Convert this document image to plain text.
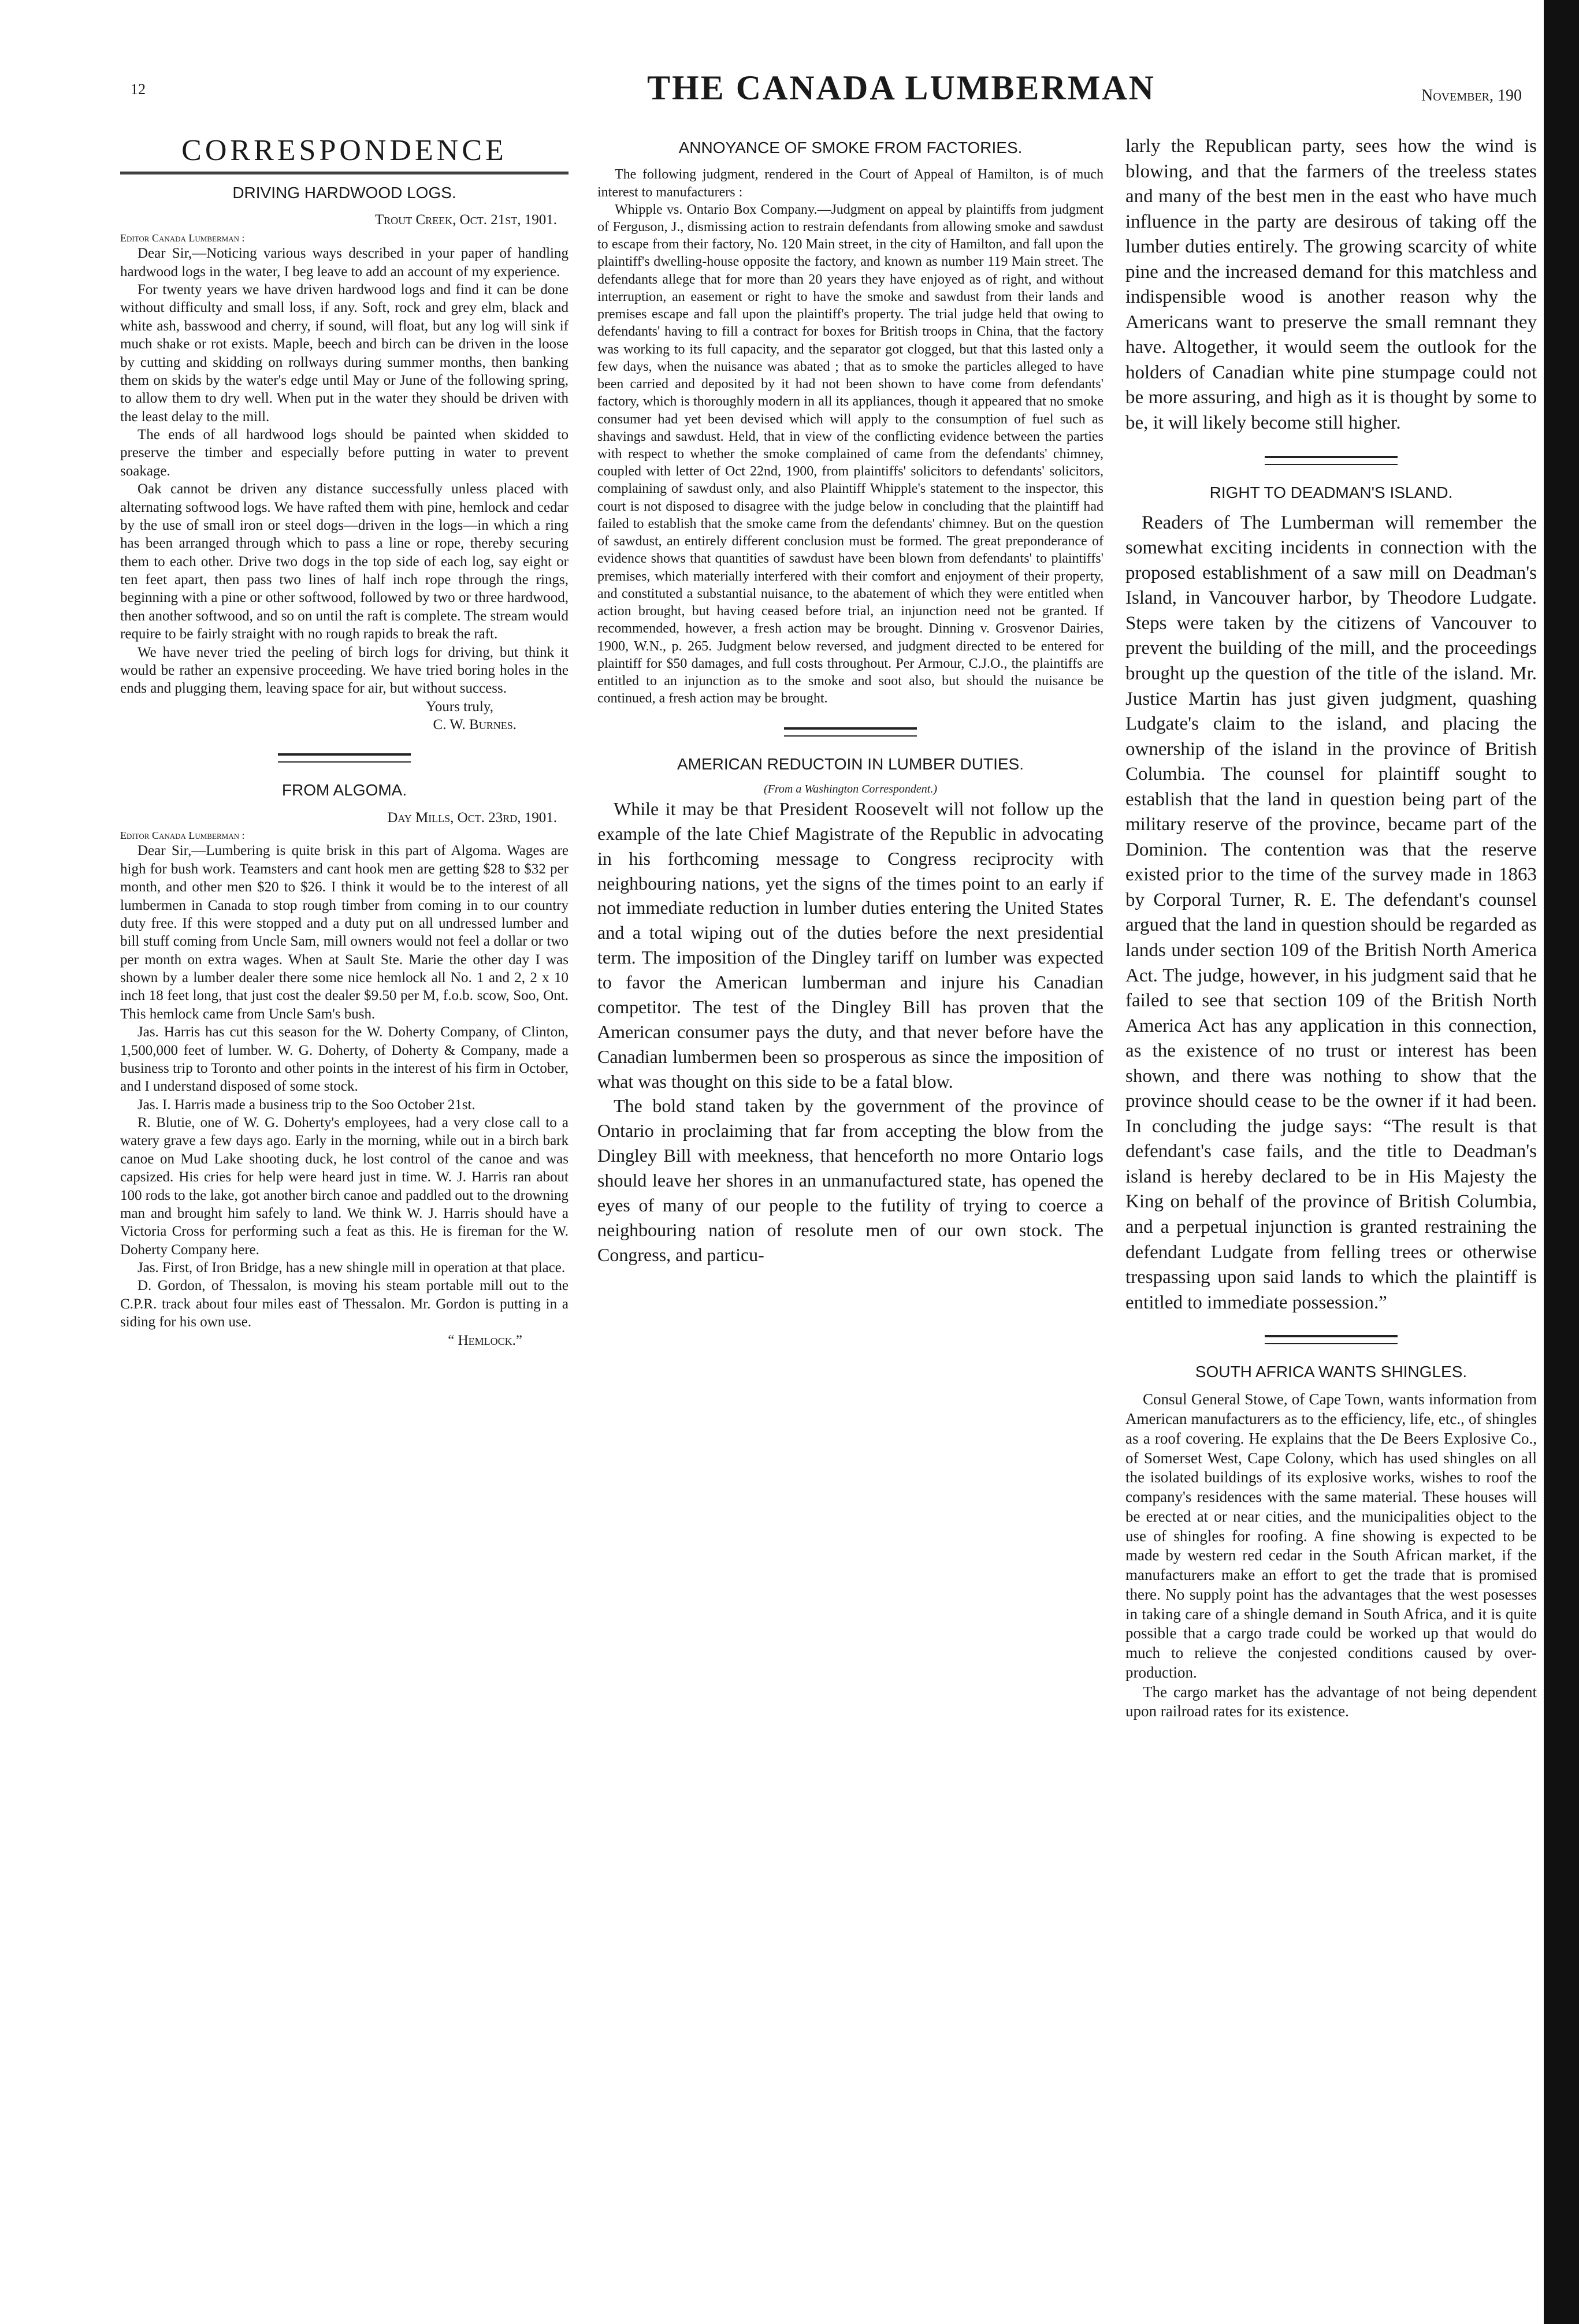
12	THE CANADA LUMBERMAN	November, 190
CORRESPONDENCE
DRIVING HARDWOOD LOGS.
Trout Creek, Oct. 21st, 1901.

Editor Canada Lumberman :

Dear Sir,—Noticing various ways described in your paper of handling hardwood logs in the water, I beg leave to add an account of my experience.

For twenty years we have driven hardwood logs and find it can be done without difficulty and small loss, if any. Soft, rock and grey elm, black and white ash, basswood and cherry, if sound, will float, but any log will sink if much shake or rot exists. Maple, beech and birch can be driven in the loose by cutting and skidding on rollways during summer months, then banking them on skids by the water's edge until May or June of the following spring, to allow them to dry well. When put in the water they should be driven with the least delay to the mill.

The ends of all hardwood logs should be painted when skidded to preserve the timber and especially before putting in water to prevent soakage.

Oak cannot be driven any distance successfully unless placed with alternating softwood logs. We have rafted them with pine, hemlock and cedar by the use of small iron or steel dogs—driven in the logs—in which a ring has been arranged through which to pass a line or rope, thereby securing them to each other. Drive two dogs in the top side of each log, say eight or ten feet apart, then pass two lines of half inch rope through the rings, beginning with a pine or other softwood, followed by two or three hardwood, then another softwood, and so on until the raft is complete. The stream would require to be fairly straight with no rough rapids to break the raft.

We have never tried the peeling of birch logs for driving, but think it would be rather an expensive proceeding. We have tried boring holes in the ends and plugging them, leaving space for air, but without success.

Yours truly,
C. W. Burnes.

FROM ALGOMA.
Day Mills, Oct. 23rd, 1901.

Editor Canada Lumberman :

Dear Sir,—Lumbering is quite brisk in this part of Algoma. Wages are high for bush work. Teamsters and cant hook men are getting $28 to $32 per month, and other men $20 to $26. I think it would be to the interest of all lumbermen in Canada to stop rough timber from coming in to our country duty free. If this were stopped and a duty put on all undressed lumber and bill stuff coming from Uncle Sam, mill owners would not feel a dollar or two per month on extra wages. When at Sault Ste. Marie the other day I was shown by a lumber dealer there some nice hemlock all No. 1 and 2, 2 x 10 inch 18 feet long, that just cost the dealer $9.50 per M, f.o.b. scow, Soo, Ont. This hemlock came from Uncle Sam's bush.

Jas. Harris has cut this season for the W. Doherty Company, of Clinton, 1,500,000 feet of lumber. W. G. Doherty, of Doherty & Company, made a business trip to Toronto and other points in the interest of his firm in October, and I understand disposed of some stock.

Jas. I. Harris made a business trip to the Soo October 21st.

R. Blutie, one of W. G. Doherty's employees, had a very close call to a watery grave a few days ago. Early in the morning, while out in a birch bark canoe on Mud Lake shooting duck, he lost control of the canoe and was capsized. His cries for help were heard just in time. W. J. Harris ran about 100 rods to the lake, got another birch canoe and paddled out to the drowning man and brought him safely to land. We think W. J. Harris should have a Victoria Cross for performing such a feat as this. He is fireman for the W. Doherty Company here.

Jas. First, of Iron Bridge, has a new shingle mill in operation at that place.

D. Gordon, of Thessalon, is moving his steam portable mill out to the C.P.R. track about four miles east of Thessalon. Mr. Gordon is putting in a siding for his own use.

“ Hemlock.”

ANNOYANCE OF SMOKE FROM FACTORIES.

The following judgment, rendered in the Court of Appeal of Hamilton, is of much interest to manufacturers :

Whipple vs. Ontario Box Company.—Judgment on appeal by plaintiffs from judgment of Ferguson, J., dismissing action to restrain defendants from allowing smoke and sawdust to escape from their factory, No. 120 Main street, in the city of Hamilton, and fall upon the plaintiff's dwelling-house opposite the factory, and known as number 119 Main street. The defendants allege that for more than 20 years they have enjoyed as of right, and without interruption, an easement or right to have the smoke and sawdust from their lands and premises escape and fall upon the plaintiff's property. The trial judge held that owing to defendants' having to fill a contract for boxes for British troops in China, that the factory was working to its full capacity, and the separator got clogged, but that this lasted only a few days, when the nuisance was abated ; that as to smoke the particles alleged to have been carried and deposited by it had not been shown to have come from defendants' factory, which is thoroughly modern in all its appliances, though it appeared that no smoke consumer had yet been devised which will apply to the consumption of fuel such as shavings and sawdust. Held, that in view of the conflicting evidence between the parties with respect to whether the smoke complained of came from the defendants' chimney, coupled with letter of Oct 22nd, 1900, from plaintiffs' solicitors to defendants' solicitors, complaining of sawdust only, and also Plaintiff Whipple's statement to the inspector, this court is not disposed to disagree with the judge below in concluding that the plaintiff had failed to establish that the smoke came from the defendants' chimney. But on the question of sawdust, an entirely different conclusion must be formed. The great preponderance of evidence shows that quantities of sawdust have been blown from defendants' to plaintiffs' premises, which materially interfered with their comfort and enjoyment of their property, and constituted a substantial nuisance, to the abatement of which they were entitled when action brought, but having ceased before trial, an injunction need not be granted. If recommended, however, a fresh action may be brought. Dinning v. Grosvenor Dairies, 1900, W.N., p. 265. Judgment below reversed, and judgment directed to be entered for plaintiff for $50 damages, and full costs throughout. Per Armour, C.J.O., the plaintiffs are entitled to an injunction as to the smoke and soot also, but should the nuisance be continued, a fresh action may be brought.

AMERICAN REDUCTOIN IN LUMBER DUTIES.

(From a Washington Correspondent.)

While it may be that President Roosevelt will not follow up the example of the late Chief Magistrate of the Republic in advocating in his forthcoming message to Congress reciprocity with neighbouring nations, yet the signs of the times point to an early if not immediate reduction in lumber duties entering the United States and a total wiping out of the duties before the next presidential term. The imposition of the Dingley tariff on lumber was expected to favor the American lumberman and injure his Canadian competitor. The test of the Dingley Bill has proven that the American consumer pays the duty, and that never before have the Canadian lumbermen been so prosperous as since the imposition of what was thought on this side to be a fatal blow.

The bold stand taken by the government of the province of Ontario in proclaiming that far from accepting the blow from the Dingley Bill with meekness, that henceforth no more Ontario logs should leave her shores in an unmanufactured state, has opened the eyes of many of our people to the futility of trying to coerce a neighbouring nation of resolute men of our own stock. The Congress, and particu-

larly the Republican party, sees how the wind is blowing, and that the farmers of the treeless states and many of the best men in the east who have much influence in the party are desirous of taking off the lumber duties entirely. The growing scarcity of white pine and the increased demand for this matchless and indispensible wood is another reason why the Americans want to preserve the small remnant they have. Altogether, it would seem the outlook for the holders of Canadian white pine stumpage could not be more assuring, and high as it is thought by some to be, it will likely become still higher.

RIGHT TO DEADMAN'S ISLAND.

Readers of The Lumberman will remember the somewhat exciting incidents in connection with the proposed establishment of a saw mill on Deadman's Island, in Vancouver harbor, by Theodore Ludgate. Steps were taken by the citizens of Vancouver to prevent the building of the mill, and the proceedings brought up the question of the title of the island. Mr. Justice Martin has just given judgment, quashing Ludgate's claim to the island, and placing the ownership of the island in the province of British Columbia. The counsel for plaintiff sought to establish that the land in question being part of the military reserve of the province, became part of the Dominion. The contention was that the reserve existed prior to the time of the survey made in 1863 by Corporal Turner, R. E. The defendant's counsel argued that the land in question should be regarded as lands under section 109 of the British North America Act. The judge, however, in his judgment said that he failed to see that section 109 of the British North America Act has any application in this connection, as the existence of no trust or interest has been shown, and there was nothing to show that the province should cease to be the owner if it had been. In concluding the judge says: “The result is that defendant's case fails, and the title to Deadman's island is hereby declared to be in His Majesty the King on behalf of the province of British Columbia, and a perpetual injunction is granted restraining the defendant Ludgate from felling trees or otherwise trespassing upon said lands to which the plaintiff is entitled to immediate possession.”

SOUTH AFRICA WANTS SHINGLES.

Consul General Stowe, of Cape Town, wants information from American manufacturers as to the efficiency, life, etc., of shingles as a roof covering. He explains that the De Beers Explosive Co., of Somerset West, Cape Colony, which has used shingles on all the isolated buildings of its explosive works, wishes to roof the company's residences with the same material. These houses will be erected at or near cities, and the municipalities object to the use of shingles for roofing. A fine showing is expected to be made by western red cedar in the South African market, if the manufacturers make an effort to get the trade that is promised there. No supply point has the advantages that the west posesses in taking care of a shingle demand in South Africa, and it is quite possible that a cargo trade could be worked up that would do much to relieve the conjested conditions caused by over-production.

The cargo market has the advantage of not being dependent upon railroad rates for its existence.
